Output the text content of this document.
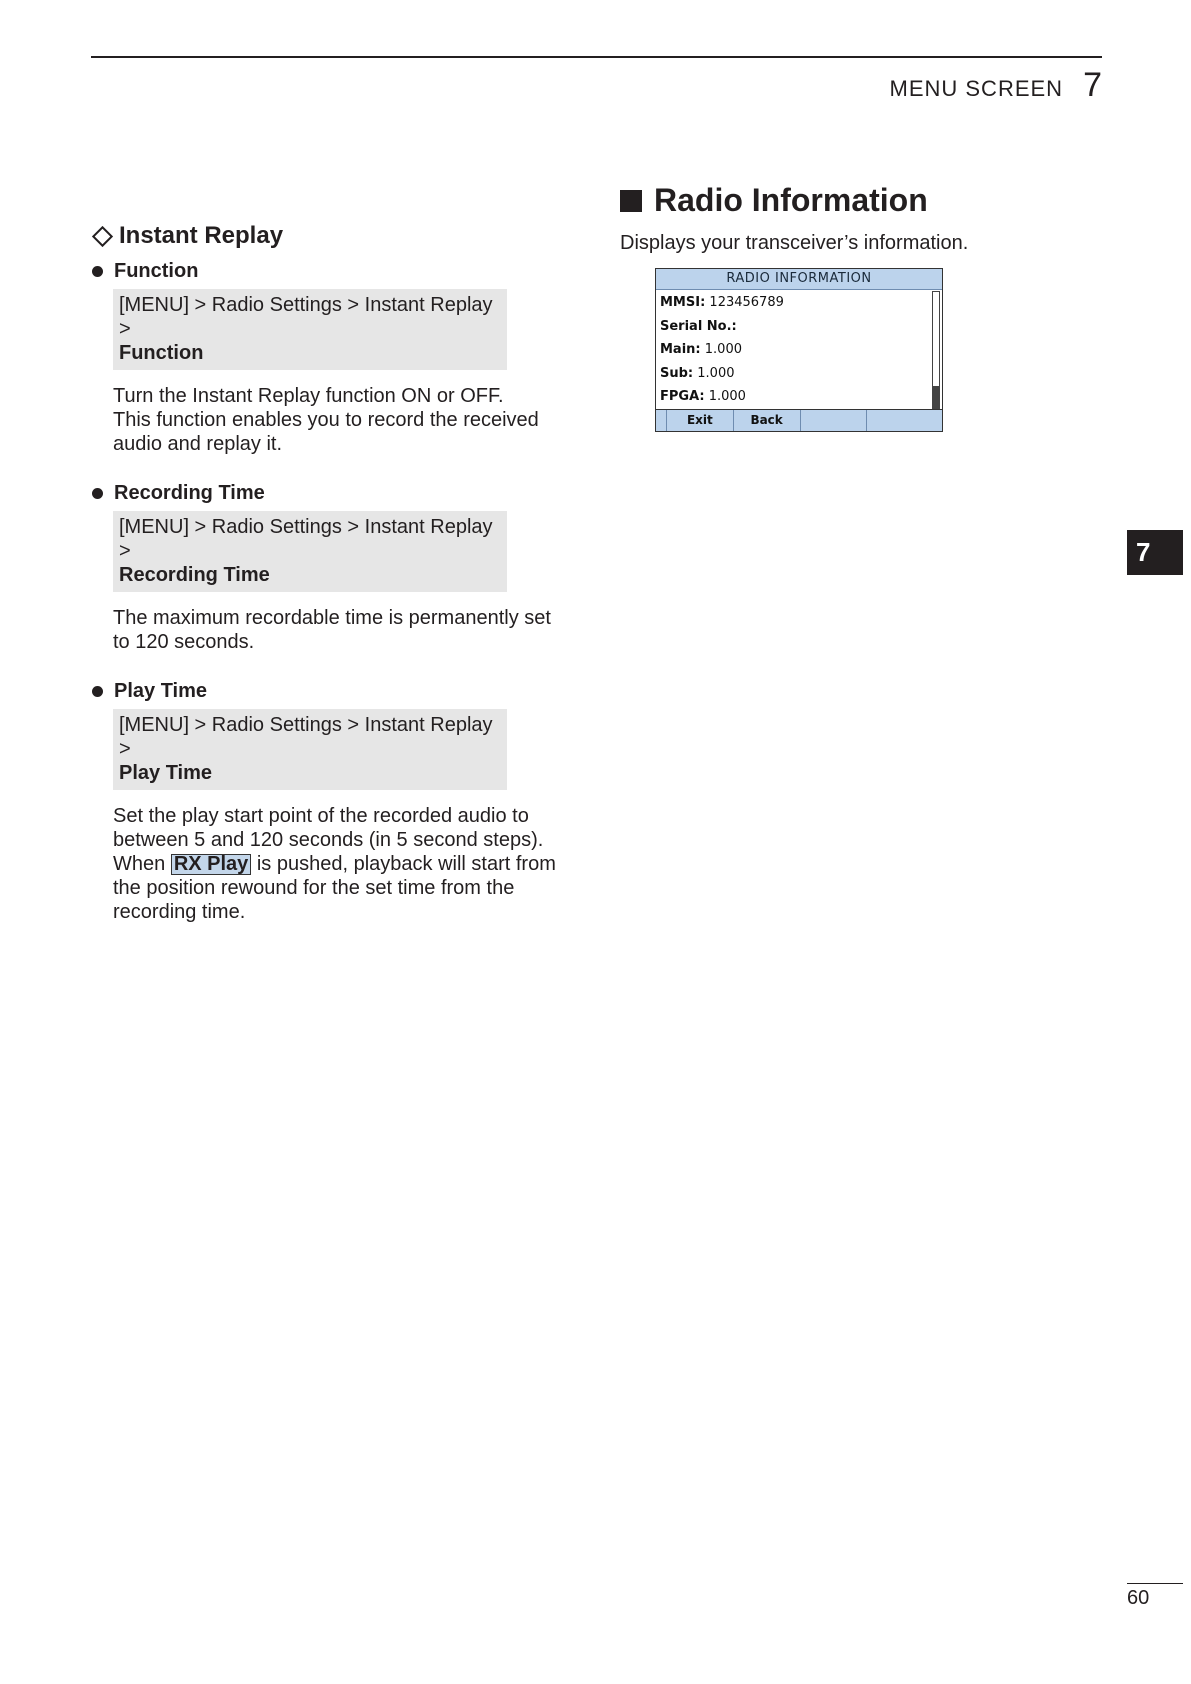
MENU SCREEN 7
Instant Replay
Function
[MENU] > Radio Settings > Instant Replay >
Function

Turn the Instant Replay function ON or OFF.

This function enables you to record the received

audio and replay it.

Recording Time
[MENU] > Radio Settings > Instant Replay >
Recording Time

The maximum recordable time is permanently set

to 120 seconds.

Play Time
[MENU] > Radio Settings > Instant Replay >
Play Time

Set the play start point of the recorded audio to

between 5 and 120 seconds (in 5 second steps).

When RX Play is pushed, playback will start from

the position rewound for the set time from the

recording time.

Radio Information
Displays your transceiver’s information.
RADIO INFORMATION
MMSI: 123456789
Serial No.:
Main: 1.000
Sub: 1.000
FPGA: 1.000
Exit	Back
7
60
